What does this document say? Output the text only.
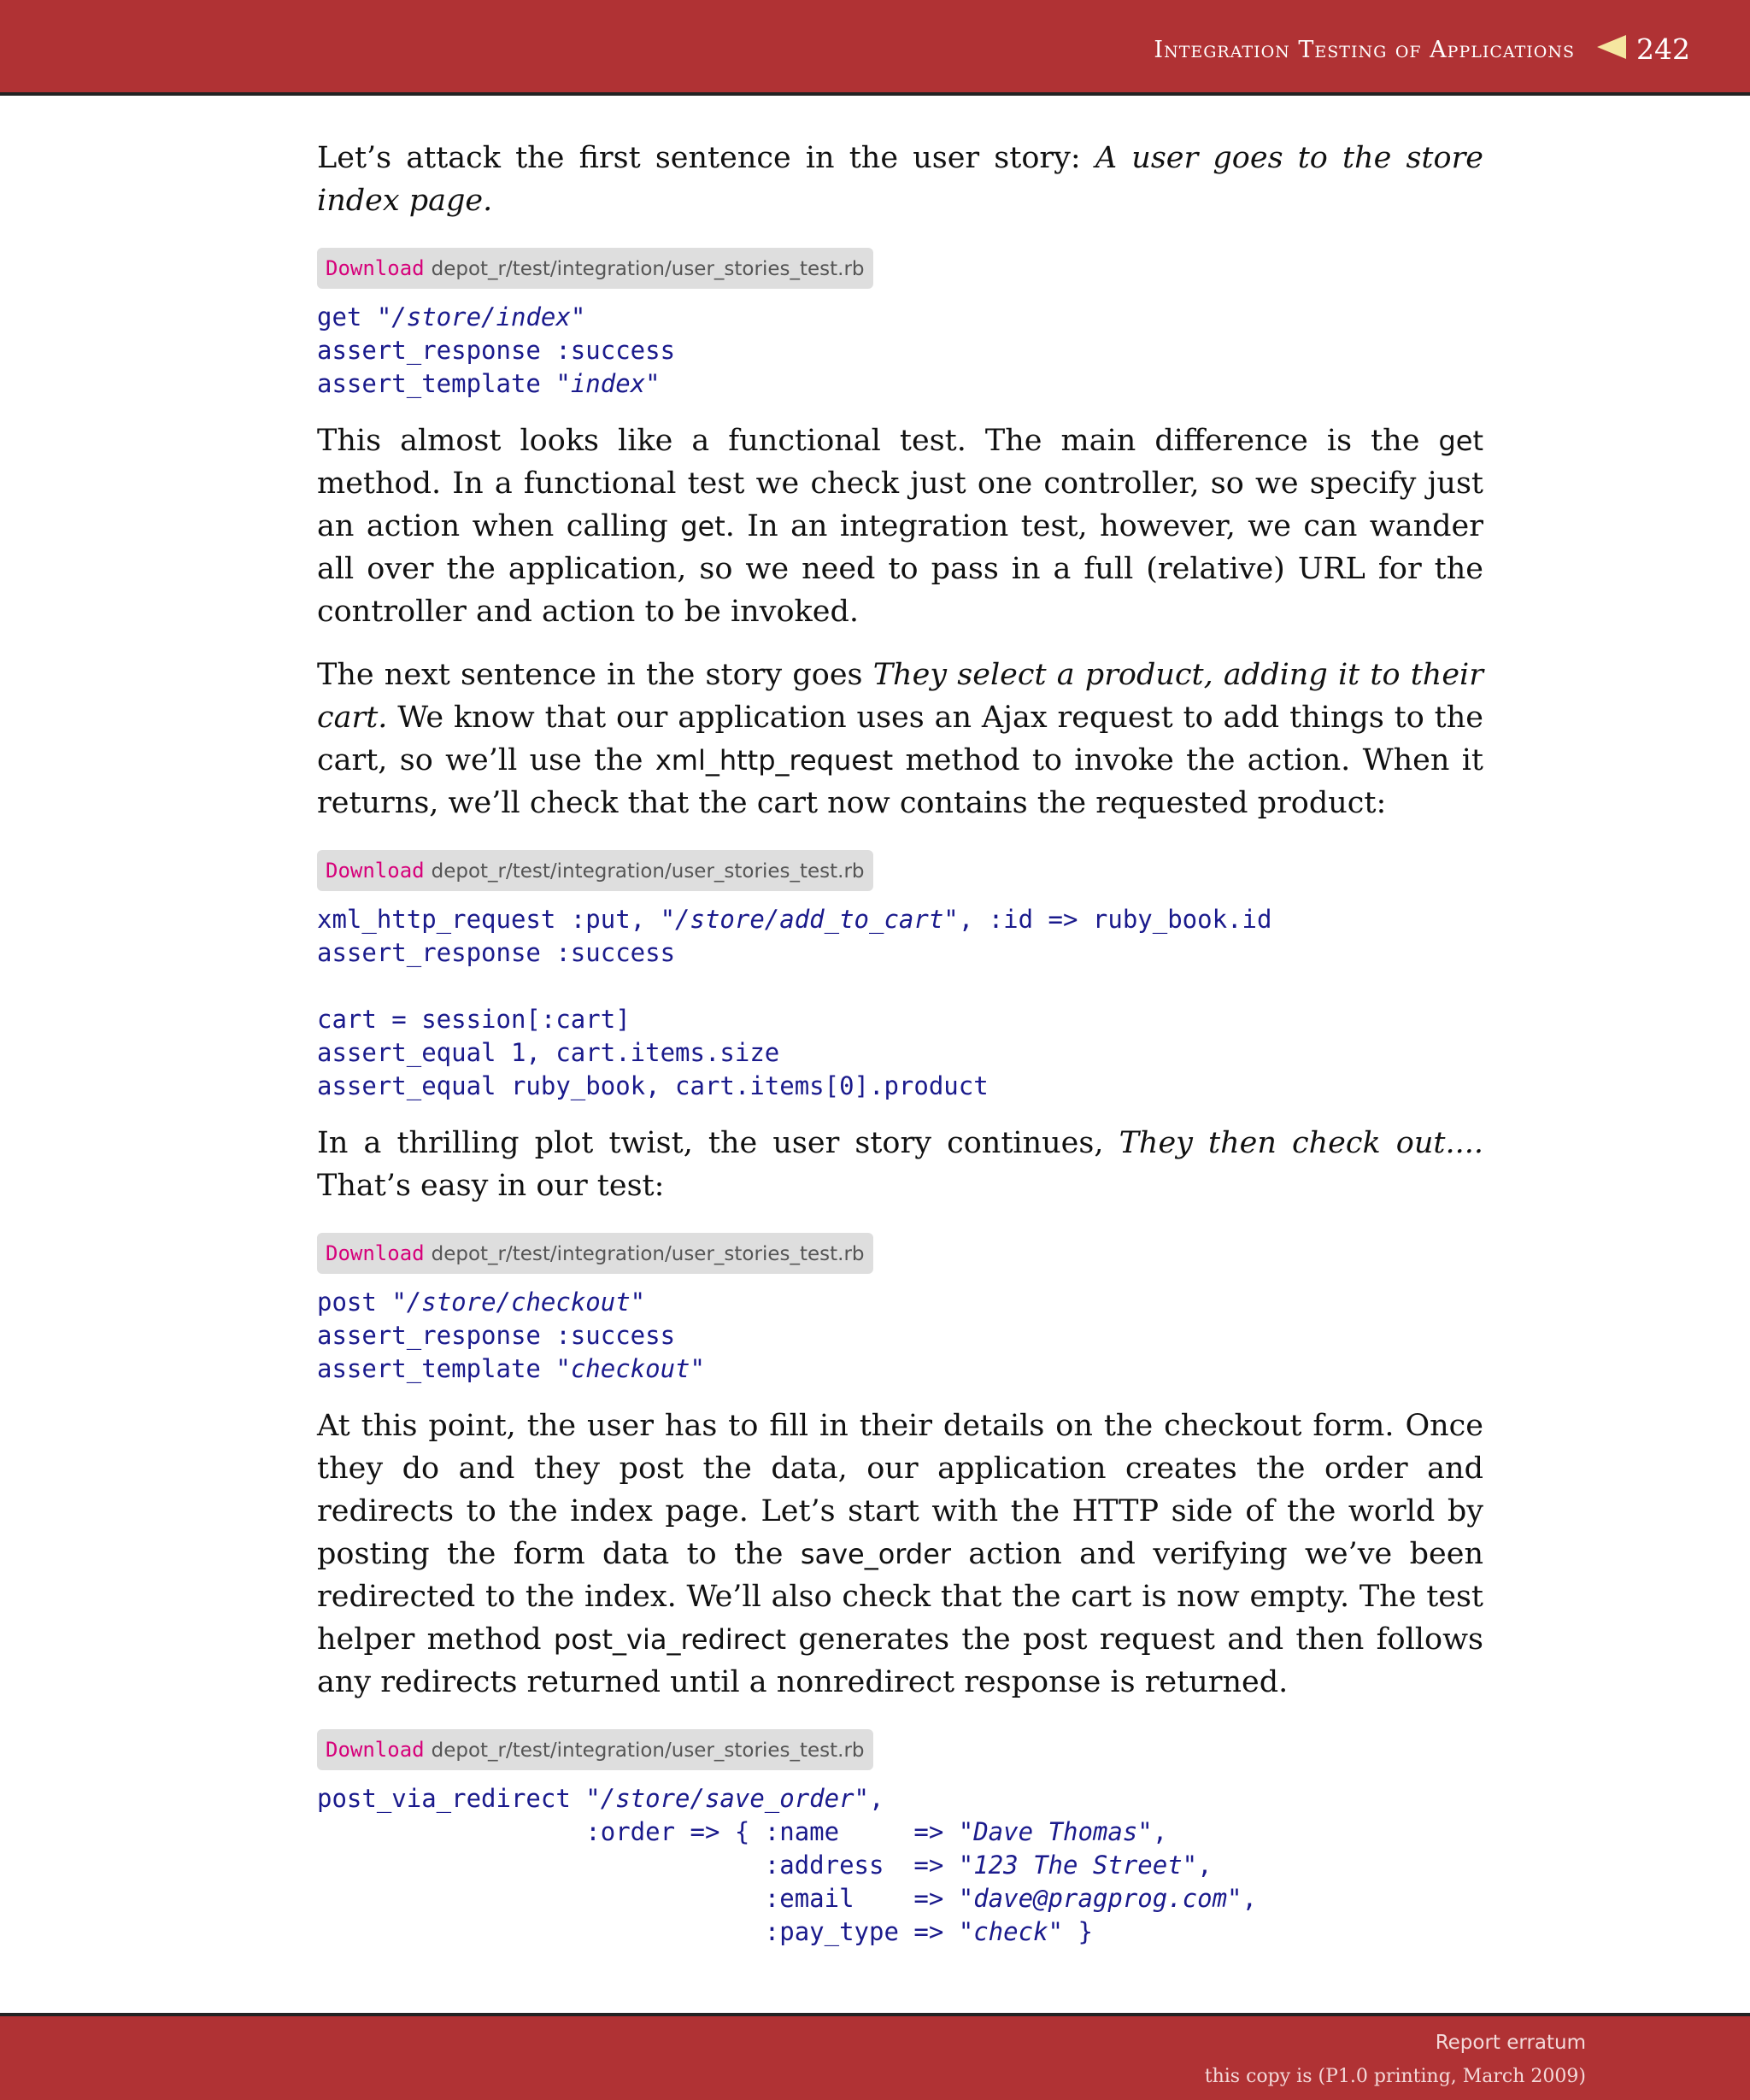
Integration Testing of Applications 242

Let’s attack the first sentence in the user story: A user goes to the store index page.

Download depot_r/test/integration/user_stories_test.rb
get "/store/index"
assert_response :success
assert_template "index"

This almost looks like a functional test. The main difference is the get method. In a functional test we check just one controller, so we specify just an action when calling get. In an integration test, however, we can wander all over the application, so we need to pass in a full (relative) URL for the controller and action to be invoked.

The next sentence in the story goes They select a product, adding it to their cart. We know that our application uses an Ajax request to add things to the cart, so we’ll use the xml_http_request method to invoke the action. When it returns, we’ll check that the cart now contains the requested product:

Download depot_r/test/integration/user_stories_test.rb
xml_http_request :put, "/store/add_to_cart", :id => ruby_book.id
assert_response :success

cart = session[:cart]
assert_equal 1, cart.items.size
assert_equal ruby_book, cart.items[0].product

In a thrilling plot twist, the user story continues, They then check out.... That’s easy in our test:

Download depot_r/test/integration/user_stories_test.rb
post "/store/checkout"
assert_response :success
assert_template "checkout"

At this point, the user has to fill in their details on the checkout form. Once they do and they post the data, our application creates the order and redirects to the index page. Let’s start with the HTTP side of the world by posting the form data to the save_order action and verifying we’ve been redirected to the index. We’ll also check that the cart is now empty. The test helper method post_via_redirect generates the post request and then follows any redirects returned until a nonredirect response is returned.

Download depot_r/test/integration/user_stories_test.rb
post_via_redirect "/store/save_order",
:order => { :name     => "Dave Thomas",
:address  => "123 The Street",
:email    => "dave@pragprog.com",
:pay_type => "check" }
Report erratum
this copy is (P1.0 printing, March 2009)
